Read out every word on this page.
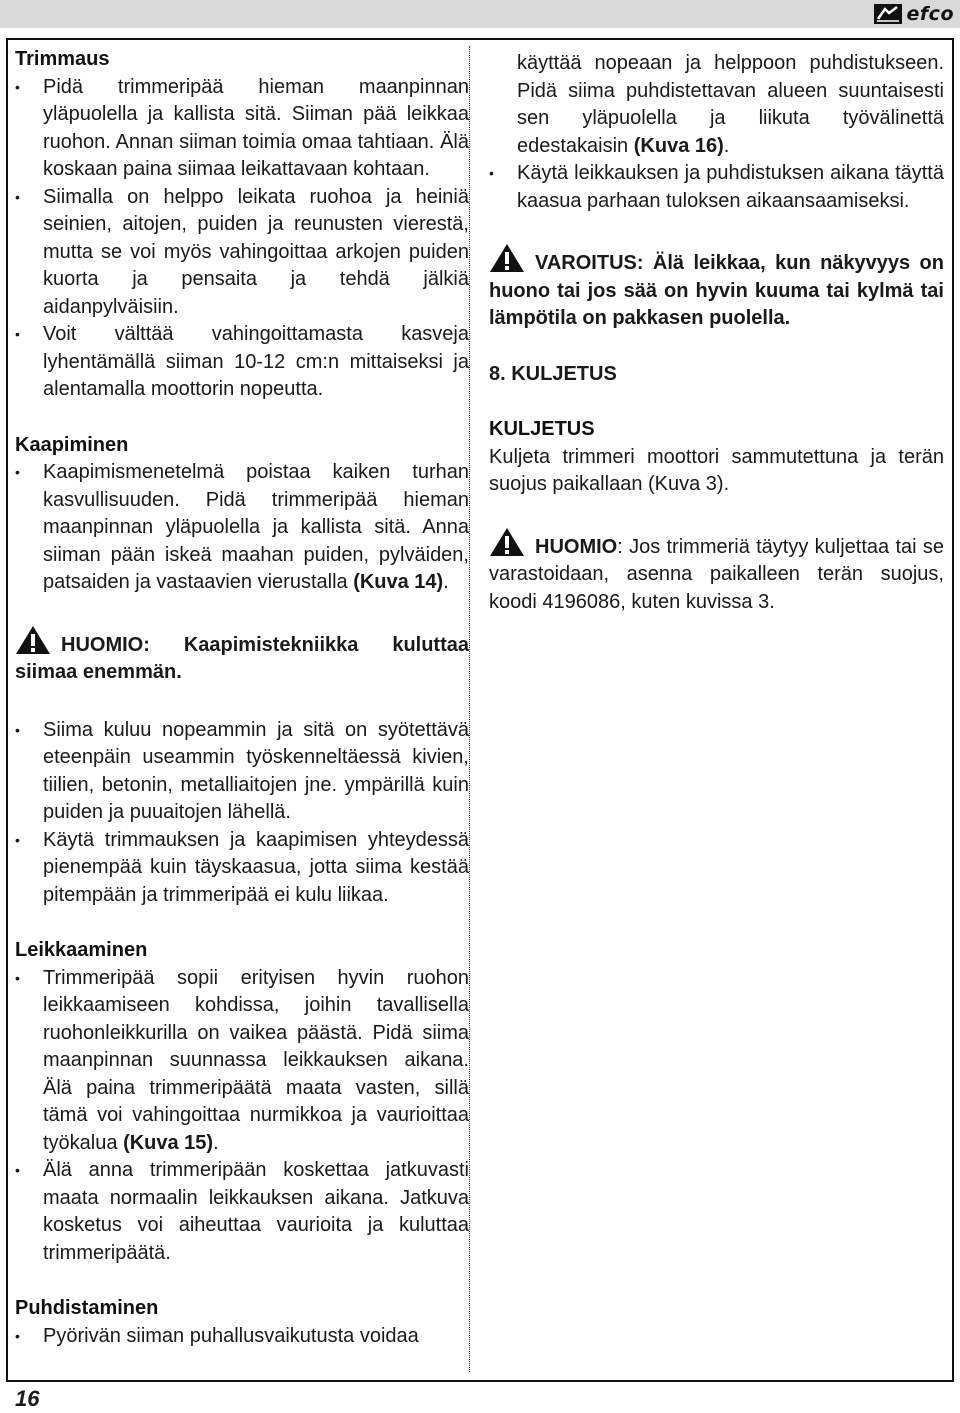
efco
Trimmaus
• Pidä trimmeripää hieman maanpinnan yläpuolella ja kallista sitä. Siiman pää leikkaa ruohon. Annan siiman toimia omaa tahtiaan. Älä koskaan paina siimaa leikattavaan kohtaan.
• Siimalla on helppo leikata ruohoa ja heiniä seinien, aitojen, puiden ja reunusten vierestä, mutta se voi myös vahingoittaa arkojen puiden kuorta ja pensaita ja tehdä jälkiä aidanpylväisiin.
• Voit välttää vahingoittamasta kasveja lyhentämällä siiman 10-12 cm:n mittaiseksi ja alentamalla moottorin nopeutta.
Kaapiminen
• Kaapimismenetelmä poistaa kaiken turhan kasvullisuuden. Pidä trimmeripää hieman maanpinnan yläpuolella ja kallista sitä. Anna siiman pään iskeä maahan puiden, pylväiden, patsaiden ja vastaavien vierustalla (Kuva 14).

HUOMIO: Kaapimistekniikka kuluttaa siimaa enemmän.

• Siima kuluu nopeammin ja sitä on syötettävä eteenpäin useammin työskenneltäessä kivien, tiilien, betonin, metalliaitojen jne. ympärillä kuin puiden ja puuaitojen lähellä.
• Käytä trimmauksen ja kaapimisen yhteydessä pienempää kuin täyskaasua, jotta siima kestää pitempään ja trimmeripää ei kulu liikaa.
Leikkaaminen
• Trimmeripää sopii erityisen hyvin ruohon leikkaamiseen kohdissa, joihin tavallisella ruohonleikkurilla on vaikea päästä. Pidä siima maanpinnan suunnassa leikkauksen aikana. Älä paina trimmeripäätä maata vasten, sillä tämä voi vahingoittaa nurmikkoa ja vaurioittaa työkalua (Kuva 15).
• Älä anna trimmeripään koskettaa jatkuvasti maata normaalin leikkauksen aikana. Jatkuva kosketus voi aiheuttaa vaurioita ja kuluttaa trimmeripäätä.
Puhdistaminen
• Pyörivän siiman puhallusvaikutusta voidaa
käyttää nopeaan ja helppoon puhdistukseen. Pidä siima puhdistettavan alueen suuntaisesti sen yläpuolella ja liikuta työvälinettä edestakaisin (Kuva 16).
• Käytä leikkauksen ja puhdistuksen aikana täyttä kaasua parhaan tuloksen aikaansaamiseksi.

VAROITUS: Älä leikkaa, kun näkyvyys on huono tai jos sää on hyvin kuuma tai kylmä tai lämpötila on pakkasen puolella.

8. KULJETUS

KULJETUS

Kuljeta trimmeri moottori sammutettuna ja terän suojus paikallaan (Kuva 3).

HUOMIO: Jos trimmeriä täytyy kuljettaa tai se varastoidaan, asenna paikalleen terän suojus, koodi 4196086, kuten kuvissa 3.

16
